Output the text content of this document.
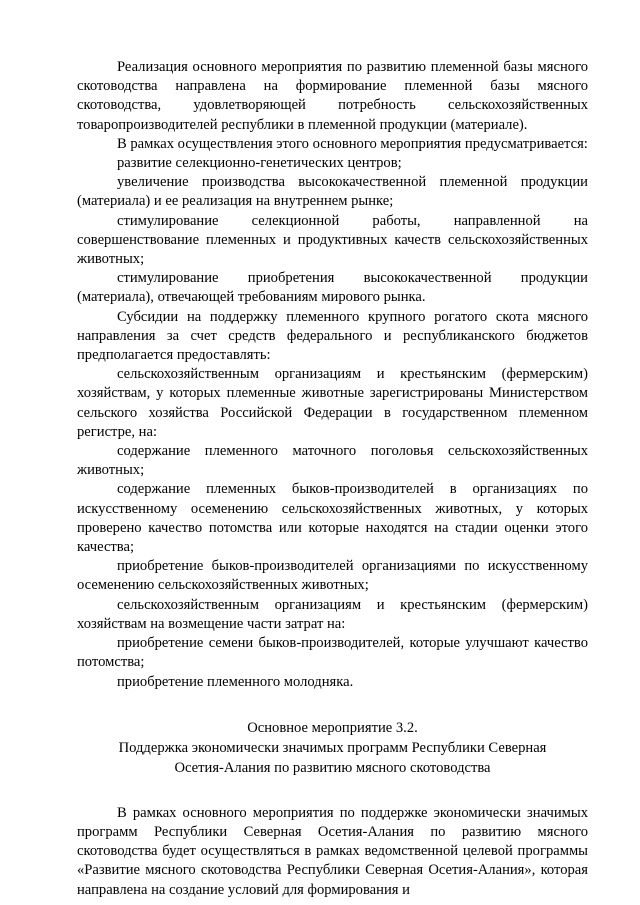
Реализация основного мероприятия по развитию племенной базы мясного скотоводства направлена на формирование племенной базы мясного скотоводства, удовлетворяющей потребность сельскохозяйственных товаропроизводителей республики в племенной продукции (материале).

В рамках осуществления этого основного мероприятия предусматривается:

развитие селекционно-генетических центров;

увеличение производства высококачественной племенной продукции (материала) и ее реализация на внутреннем рынке;

стимулирование селекционной работы, направленной на совершенствование племенных и продуктивных качеств сельскохозяйственных животных;

стимулирование приобретения высококачественной продукции (материала), отвечающей требованиям мирового рынка.

Субсидии на поддержку племенного крупного рогатого скота мясного направления за счет средств федерального и республиканского бюджетов предполагается предоставлять:

сельскохозяйственным организациям и крестьянским (фермерским) хозяйствам, у которых племенные животные зарегистрированы Министерством сельского хозяйства Российской Федерации в государственном племенном регистре, на:

содержание племенного маточного поголовья сельскохозяйственных животных;

содержание племенных быков-производителей в организациях по искусственному осеменению сельскохозяйственных животных, у которых проверено качество потомства или которые находятся на стадии оценки этого качества;

приобретение быков-производителей организациями по искусственному осеменению сельскохозяйственных животных;

сельскохозяйственным организациям и крестьянским (фермерским) хозяйствам на возмещение части затрат на:

приобретение семени быков-производителей, которые улучшают качество потомства;

приобретение племенного молодняка.

Основное мероприятие 3.2.

Поддержка экономически значимых программ Республики Северная

Осетия-Алания по развитию мясного скотоводства

В рамках основного мероприятия по поддержке экономически значимых программ Республики Северная Осетия-Алания по развитию мясного скотоводства будет осуществляться в рамках ведомственной целевой программы «Развитие мясного скотоводства Республики Северная Осетия-Алания», которая направлена на создание условий для формирования и
